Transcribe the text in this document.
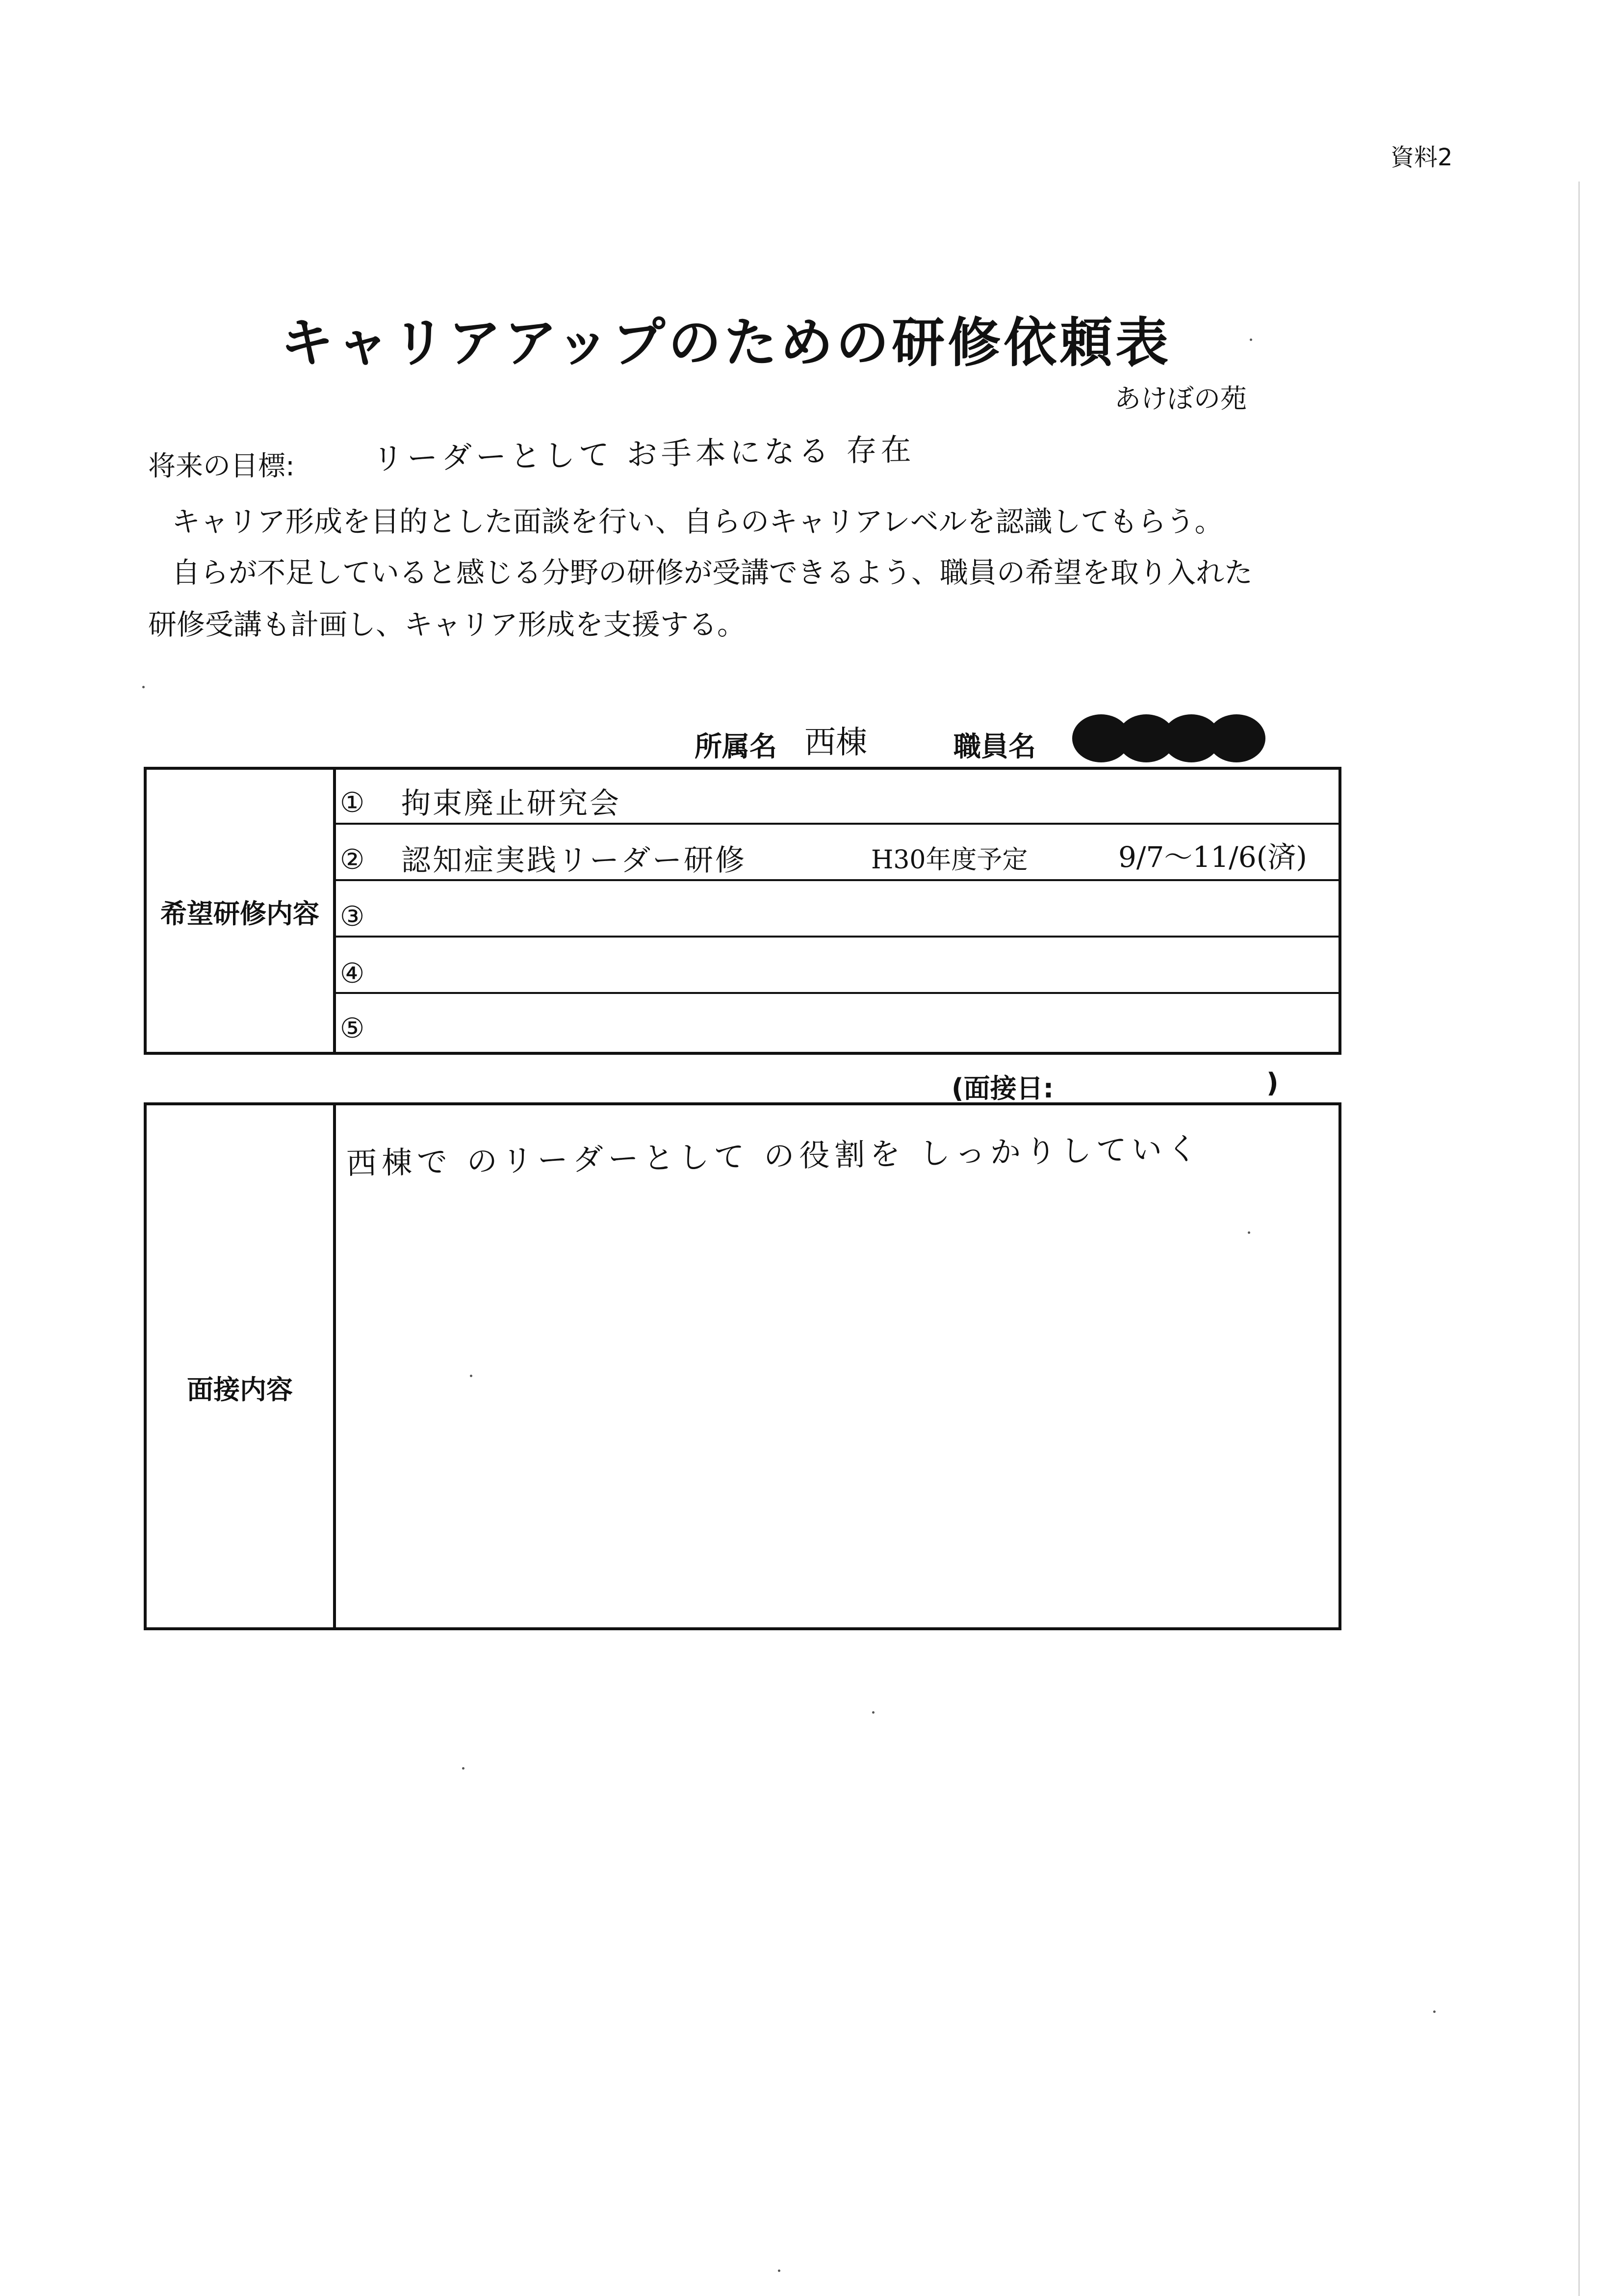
資料2
キャリアアップのための研修依頼表
あけぼの苑
将来の目標:	リーダーとして お手本になる 存在
キャリア形成を目的とした面談を行い、自らのキャリアレベルを認識してもらう。
自らが不足していると感じる分野の研修が受講できるよう、職員の希望を取り入れた
研修受講も計画し、キャリア形成を支援する。
所属名 西棟	職員名
希望研修内容
① 拘束廃止研究会
② 認知症実践リーダー研修	H30年度予定	9/7〜11/6(済)
③
④
⑤
(面接日:	)
面接内容
西棟で のリーダーとして の役割を しっかりしていく
